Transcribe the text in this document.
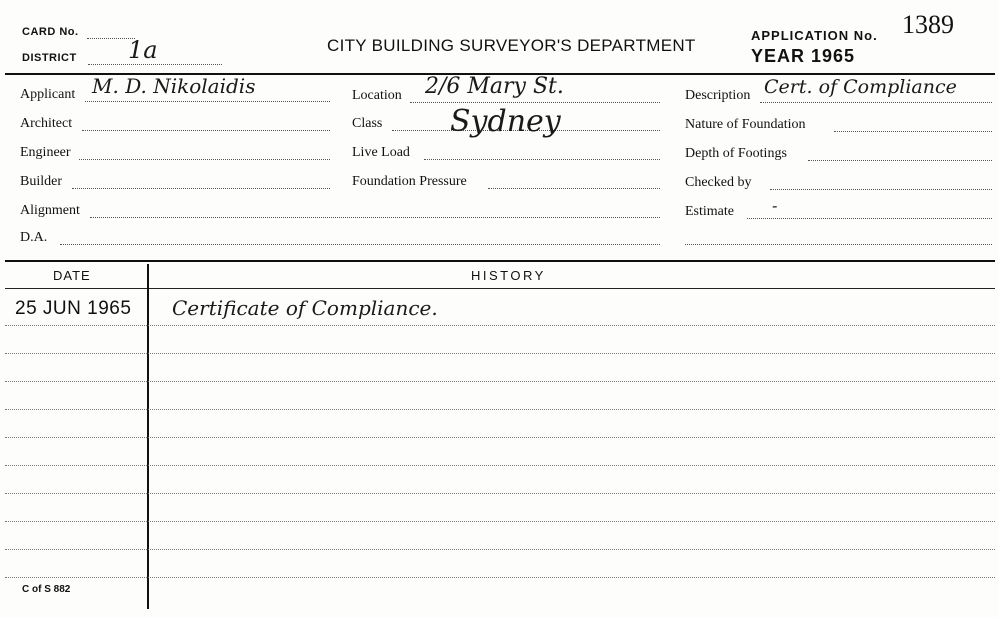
CARD No.
DISTRICT 1a	CITY BUILDING SURVEYOR'S DEPARTMENT
APPLICATION No. 1389
YEAR 1965
Applicant M. D. Nikolaidis
Architect
Engineer
Builder
Alignment
D.A.
Location 2/6 Mary St.
Class Sydney
Live Load
Foundation Pressure
Description Cert. of Compliance
Nature of Foundation
Depth of Footings
Checked by
Estimate -
DATE	HISTORY
25 JUN 1965 Certificate of Compliance.
C of S 882
